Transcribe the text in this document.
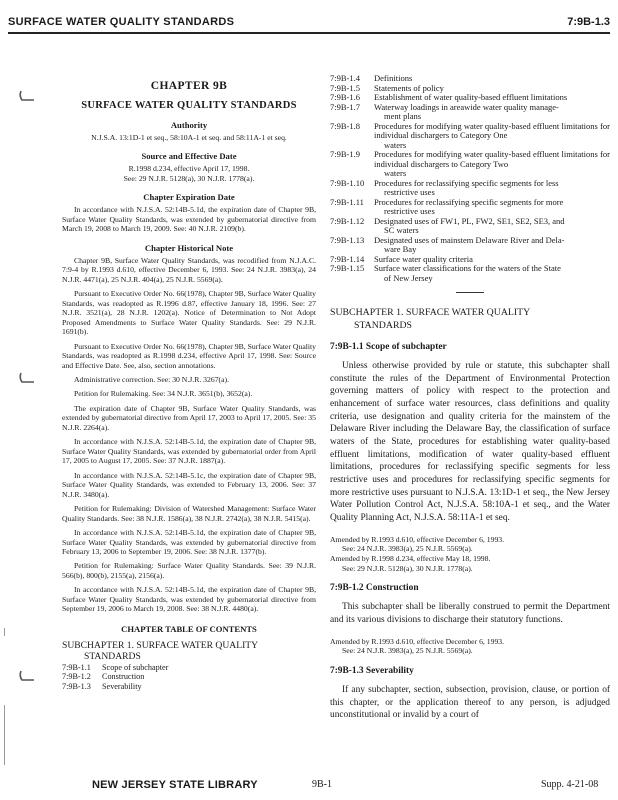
SURFACE WATER QUALITY STANDARDS	7:9B-1.3
CHAPTER 9B
SURFACE WATER QUALITY STANDARDS
Authority
N.J.S.A. 13:1D-1 et seq., 58:10A-1 et seq. and 58:11A-1 et seq.
Source and Effective Date
R.1998 d.234, effective April 17, 1998.
See: 29 N.J.R. 5128(a), 30 N.J.R. 1778(a).
Chapter Expiration Date

In accordance with N.J.S.A. 52:14B-5.1d, the expiration date of Chapter 9B, Surface Water Quality Standards, was extended by gubernatorial directive from March 19, 2008 to March 19, 2009. See: 40 N.J.R. 2109(b).

Chapter Historical Note

Chapter 9B, Surface Water Quality Standards, was recodified from N.J.A.C. 7:9-4 by R.1993 d.610, effective December 6, 1993. See: 24 N.J.R. 3983(a), 24 N.J.R. 4471(a), 25 N.J.R. 404(a), 25 N.J.R. 5569(a).

Pursuant to Executive Order No. 66(1978), Chapter 9B, Surface Water Quality Standards, was readopted as R.1996 d.87, effective January 18, 1996. See: 27 N.J.R. 3521(a), 28 N.J.R. 1202(a). Notice of Determination to Not Adopt Proposed Amendments to Surface Water Quality Standards. See: 29 N.J.R. 1691(b).

Pursuant to Executive Order No. 66(1978), Chapter 9B, Surface Water Quality Standards, was readopted as R.1998 d.234, effective April 17, 1998. See: Source and Effective Date. See, also, section annotations.

Administrative correction. See: 30 N.J.R. 3267(a).

Petition for Rulemaking. See: 34 N.J.R. 3651(b), 3652(a).

The expiration date of Chapter 9B, Surface Water Quality Standards, was extended by gubernatorial directive from April 17, 2003 to April 17, 2005. See: 35 N.J.R. 2264(a).

In accordance with N.J.S.A. 52:14B-5.1d, the expiration date of Chapter 9B, Surface Water Quality Standards, was extended by gubernatorial order from April 17, 2005 to August 17, 2005. See: 37 N.J.R. 1887(a).

In accordance with N.J.S.A. 52:14B-5.1c, the expiration date of Chapter 9B, Surface Water Quality Standards, was extended to February 13, 2006. See: 37 N.J.R. 3480(a).

Petition for Rulemaking: Division of Watershed Management: Surface Water Quality Standards. See: 38 N.J.R. 1586(a), 38 N.J.R. 2742(a), 38 N.J.R. 5415(a).

In accordance with N.J.S.A. 52:14B-5.1d, the expiration date of Chapter 9B, Surface Water Quality Standards, was extended by gubernatorial directive from February 13, 2006 to September 19, 2006. See: 38 N.J.R. 1377(b).

Petition for Rulemaking: Surface Water Quality Standards. See: 39 N.J.R. 566(b), 800(b), 2155(a), 2156(a).

In accordance with N.J.S.A. 52:14B-5.1d, the expiration date of Chapter 9B, Surface Water Quality Standards, was extended by gubernatorial directive from September 19, 2006 to March 19, 2008. See: 38 N.J.R. 4480(a).

CHAPTER TABLE OF CONTENTS
SUBCHAPTER 1. SURFACE WATER QUALITY
STANDARDS
7:9B-1.1	Scope of subchapter
7:9B-1.2	Construction
7:9B-1.3	Severability
7:9B-1.4	Definitions
7:9B-1.5	Statements of policy
7:9B-1.6	Establishment of water quality-based effluent limitations
7:9B-1.7	Waterway loadings in areawide water quality manage-
ment plans
7:9B-1.8	Procedures for modifying water quality-based effluent limitations for individual dischargers to Category One
waters
7:9B-1.9	Procedures for modifying water quality-based effluent limitations for individual dischargers to Category Two
waters
7:9B-1.10	Procedures for reclassifying specific segments for less
restrictive uses
7:9B-1.11	Procedures for reclassifying specific segments for more
restrictive uses
7:9B-1.12	Designated uses of FW1, PL, FW2, SE1, SE2, SE3, and
SC waters
7:9B-1.13	Designated uses of mainstem Delaware River and Dela-
ware Bay
7:9B-1.14	Surface water quality criteria
7:9B-1.15	Surface water classifications for the waters of the State
of New Jersey
SUBCHAPTER 1. SURFACE WATER QUALITY
STANDARDS
7:9B-1.1 Scope of subchapter

Unless otherwise provided by rule or statute, this subchapter shall constitute the rules of the Department of Environmental Protection governing matters of policy with respect to the protection and enhancement of surface water resources, class definitions and quality criteria, use designation and quality criteria for the mainstem of the Delaware River including the Delaware Bay, the classification of surface waters of the State, procedures for establishing water quality-based effluent limitations, modification of water quality-based effluent limitations, procedures for reclassifying specific segments for less restrictive uses and procedures for reclassifying specific segments for more restrictive uses pursuant to N.J.S.A. 13:1D-1 et seq., the New Jersey Water Pollution Control Act, N.J.S.A. 58:10A-1 et seq., and the Water Quality Planning Act, N.J.S.A. 58:11A-1 et seq.

Amended by R.1993 d.610, effective December 6, 1993.
See: 24 N.J.R. 3983(a), 25 N.J.R. 5569(a).
Amended by R.1998 d.234, effective May 18, 1998.
See: 29 N.J.R. 5128(a), 30 N.J.R. 1778(a).
7:9B-1.2 Construction

This subchapter shall be liberally construed to permit the Department and its various divisions to discharge their statutory functions.

Amended by R.1993 d.610, effective December 6, 1993.
See: 24 N.J.R. 3983(a), 25 N.J.R. 5569(a).
7:9B-1.3 Severability

If any subchapter, section, subsection, provision, clause, or portion of this chapter, or the application thereof to any person, is adjudged unconstitutional or invalid by a court of

NEW JERSEY STATE LIBRARY	9B-1	Supp. 4-21-08
